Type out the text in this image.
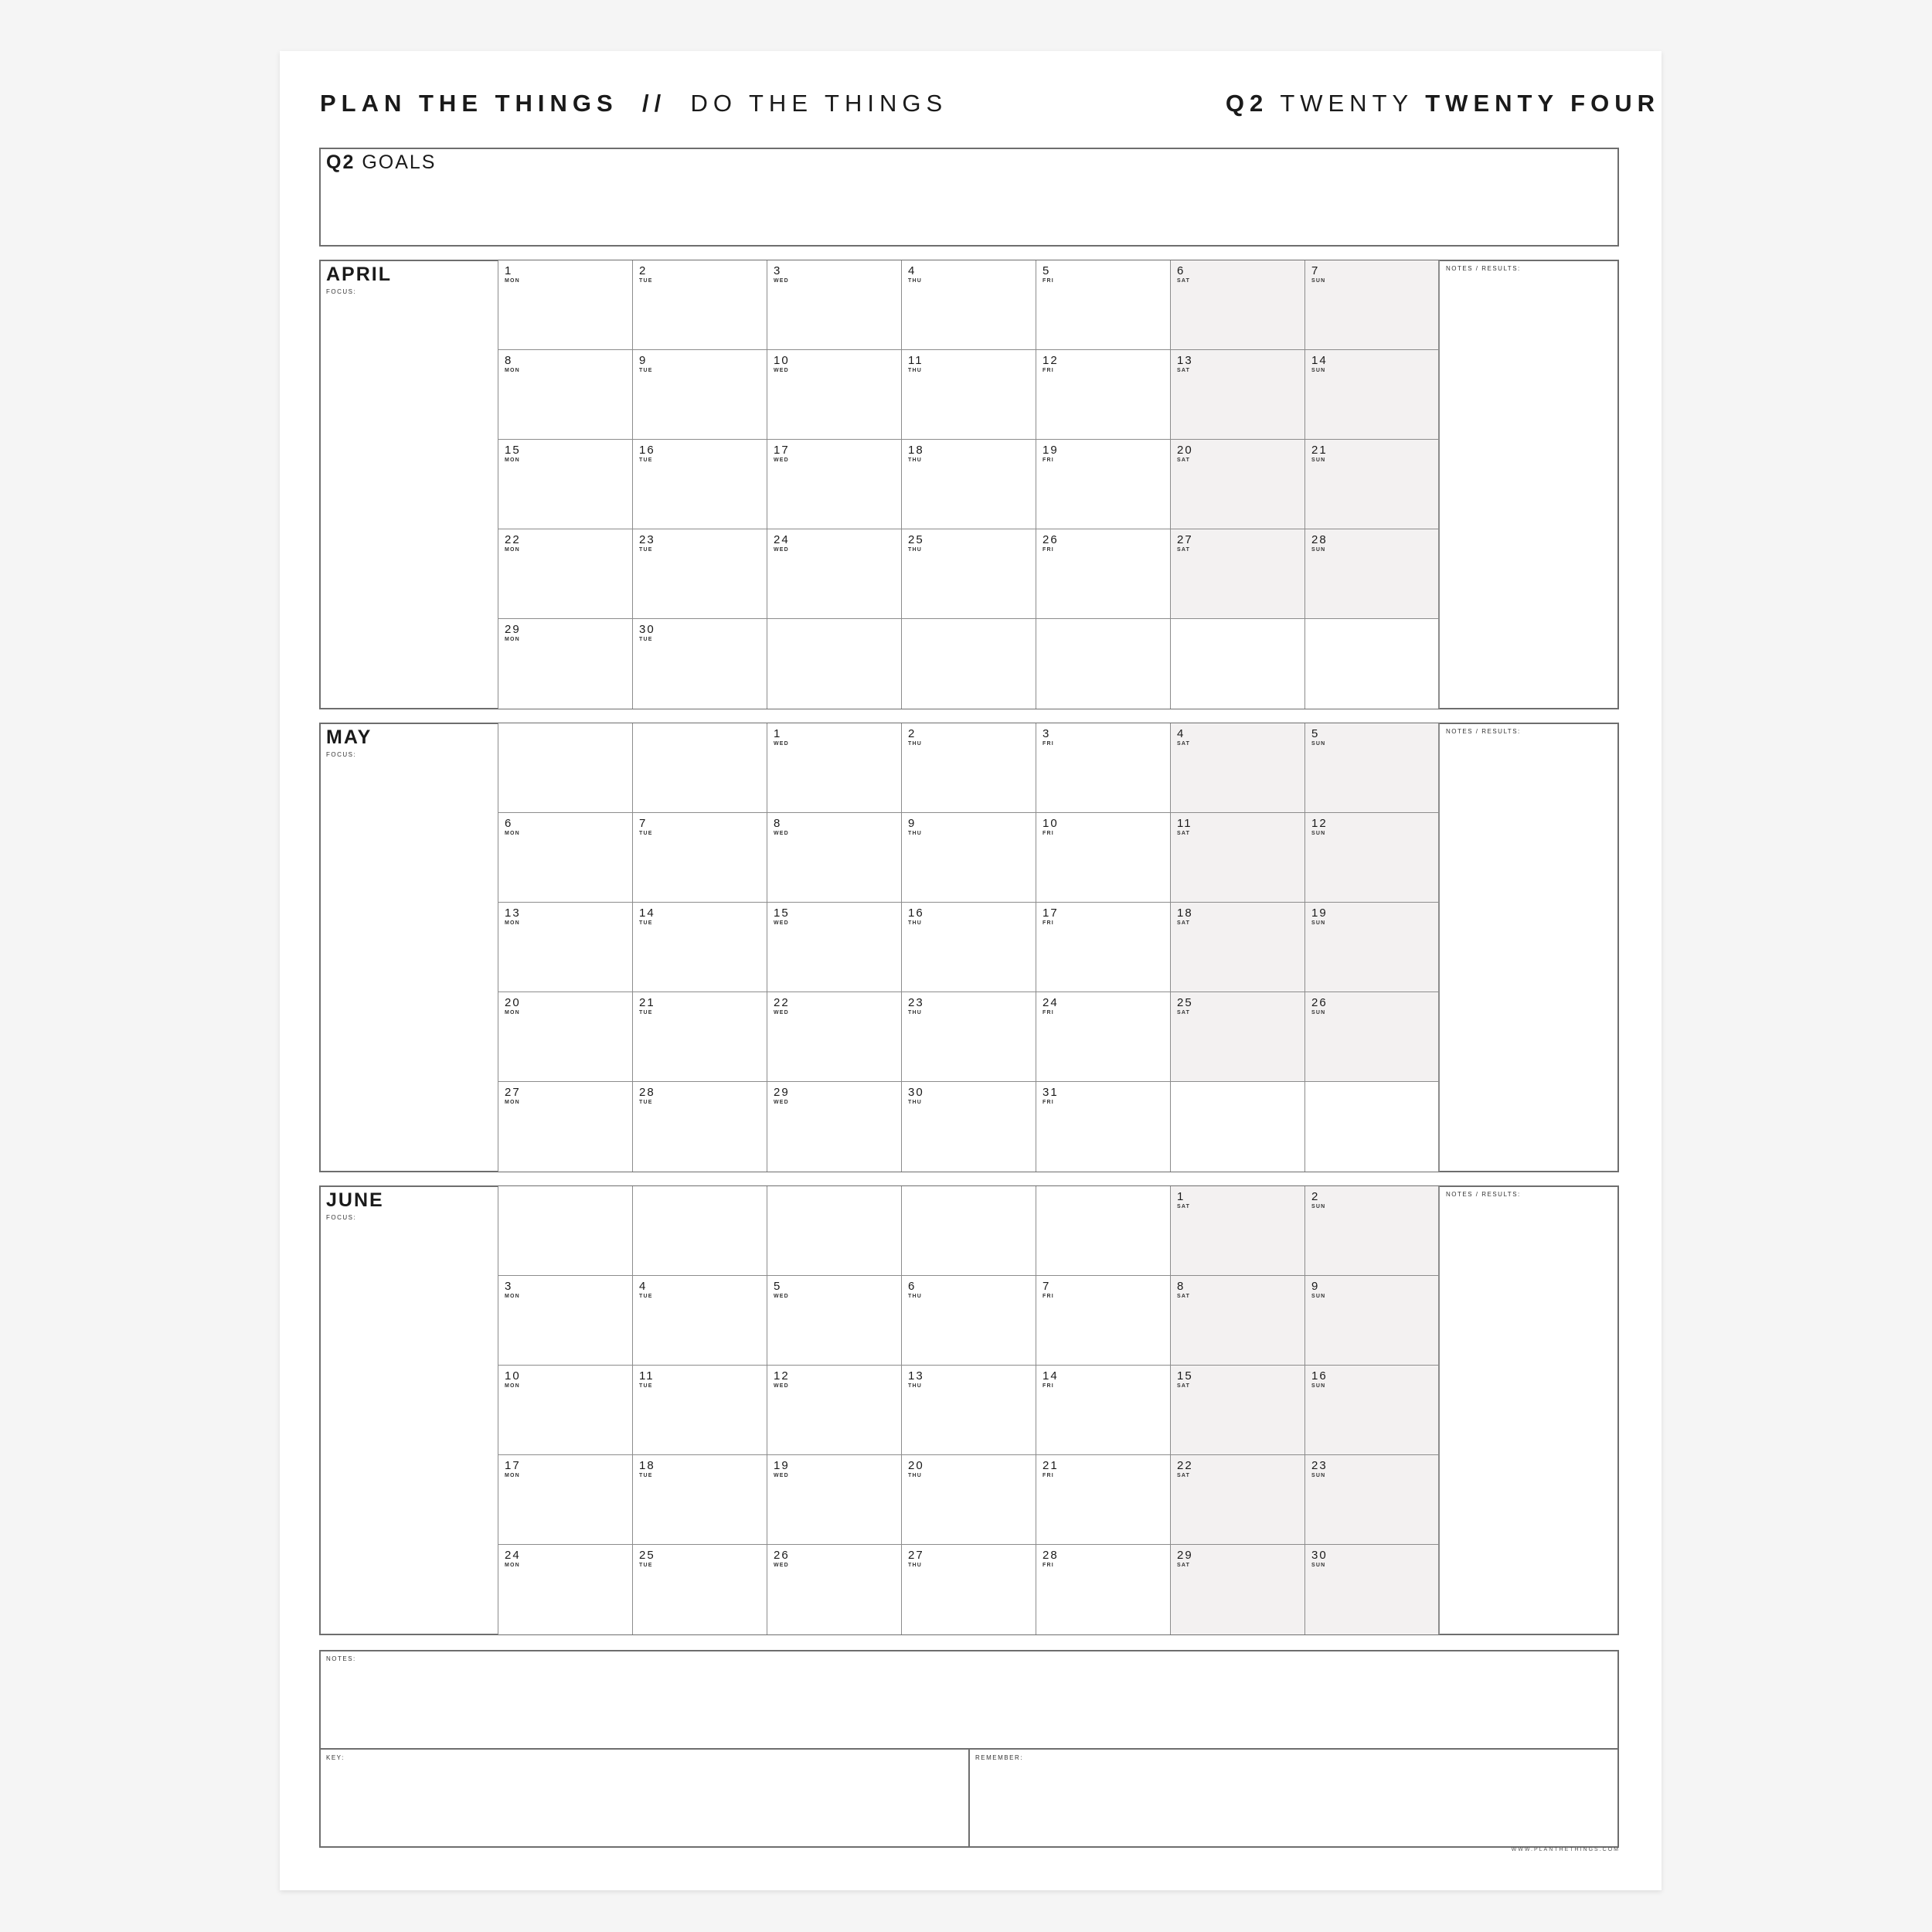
PLAN THE THINGS // DO THE THINGS	Q2 TWENTY TWENTY FOUR
Q2 GOALS
APRIL
FOCUS:
NOTES / RESULTS:
1
MON
2
TUE
3
WED
4
THU
5
FRI
6
SAT
7
SUN
8
MON
9
TUE
10
WED
11
THU
12
FRI
13
SAT
14
SUN
15
MON
16
TUE
17
WED
18
THU
19
FRI
20
SAT
21
SUN
22
MON
23
TUE
24
WED
25
THU
26
FRI
27
SAT
28
SUN
29
MON
30
TUE
MAY
FOCUS:
NOTES / RESULTS:
1
WED
2
THU
3
FRI
4
SAT
5
SUN
6
MON
7
TUE
8
WED
9
THU
10
FRI
11
SAT
12
SUN
13
MON
14
TUE
15
WED
16
THU
17
FRI
18
SAT
19
SUN
20
MON
21
TUE
22
WED
23
THU
24
FRI
25
SAT
26
SUN
27
MON
28
TUE
29
WED
30
THU
31
FRI
JUNE
FOCUS:
NOTES / RESULTS:
1
SAT
2
SUN
3
MON
4
TUE
5
WED
6
THU
7
FRI
8
SAT
9
SUN
10
MON
11
TUE
12
WED
13
THU
14
FRI
15
SAT
16
SUN
17
MON
18
TUE
19
WED
20
THU
21
FRI
22
SAT
23
SUN
24
MON
25
TUE
26
WED
27
THU
28
FRI
29
SAT
30
SUN
NOTES:
KEY:	REMEMBER:
WWW.PLANTHETHINGS.COM
